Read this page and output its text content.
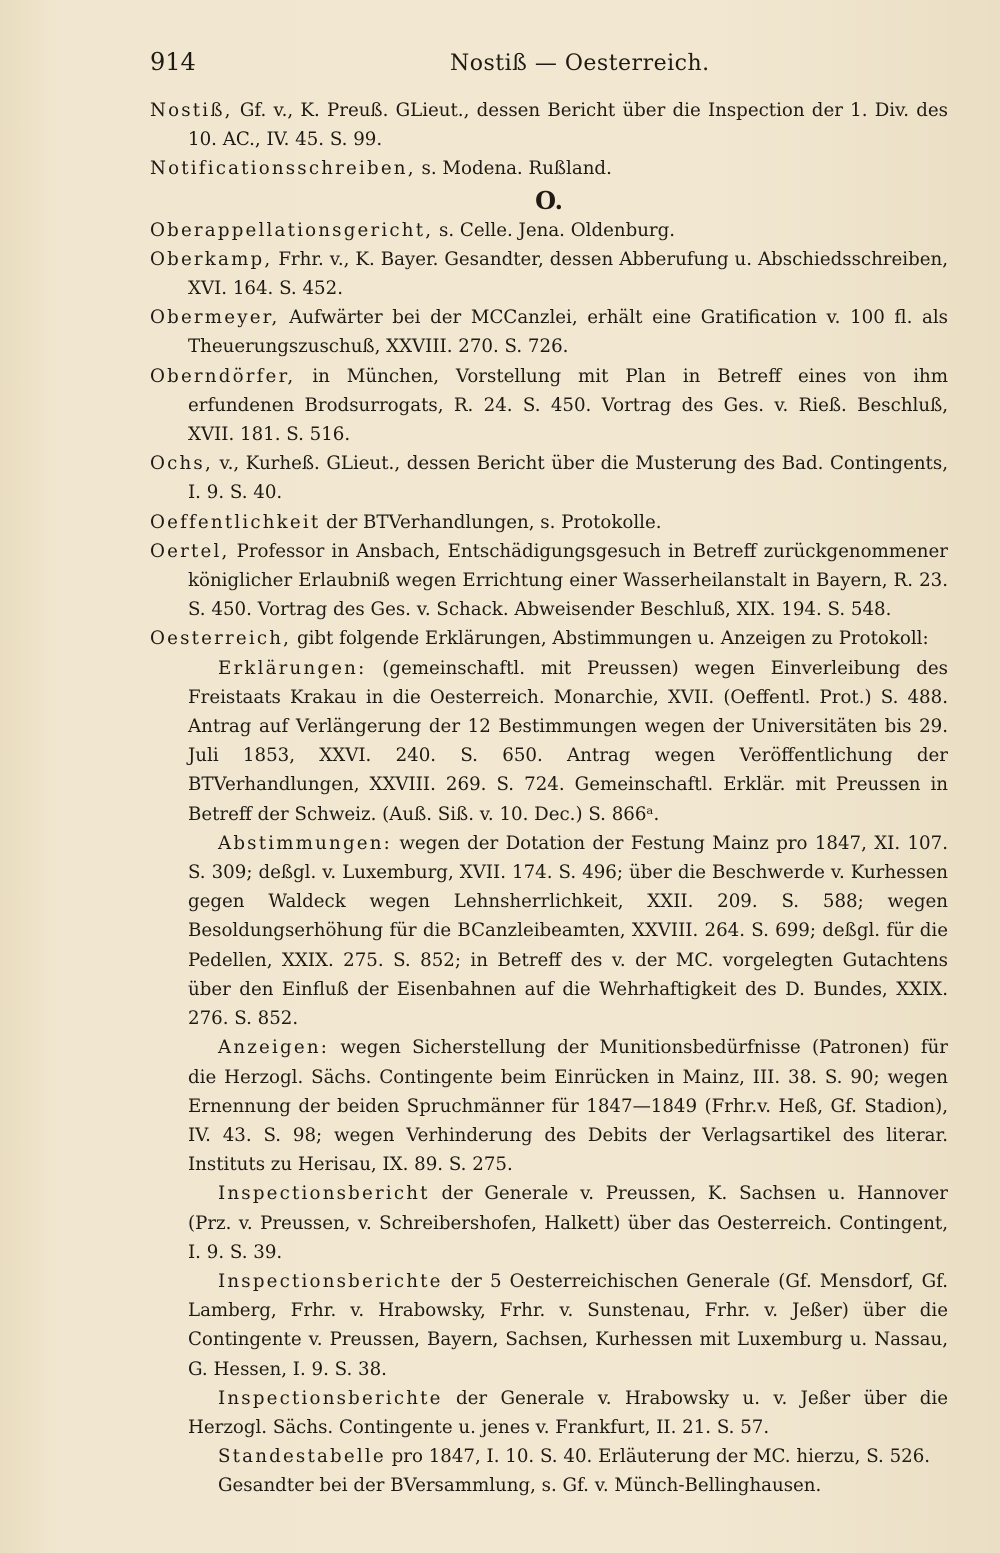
914	Nostiß — Oesterreich.

Nostiß, Gf. v., K. Preuß. GLieut., dessen Bericht über die Inspection der 1. Div. des 10. AC., IV. 45. S. 99.

Notificationsschreiben, s. Modena. Rußland.

O.

Oberappellationsgericht, s. Celle. Jena. Oldenburg.

Oberkamp, Frhr. v., K. Bayer. Gesandter, dessen Abberufung u. Abschiedsschreiben, XVI. 164. S. 452.

Obermeyer, Aufwärter bei der MCCanzlei, erhält eine Gratification v. 100 fl. als Theuerungszuschuß, XXVIII. 270. S. 726.

Oberndörfer, in München, Vorstellung mit Plan in Betreff eines von ihm erfundenen Brodsurrogats, R. 24. S. 450. Vortrag des Ges. v. Rieß. Beschluß, XVII. 181. S. 516.

Ochs, v., Kurheß. GLieut., dessen Bericht über die Musterung des Bad. Contingents, I. 9. S. 40.

Oeffentlichkeit der BTVerhandlungen, s. Protokolle.

Oertel, Professor in Ansbach, Entschädigungsgesuch in Betreff zurückgenommener königlicher Erlaubniß wegen Errichtung einer Wasserheilanstalt in Bayern, R. 23. S. 450. Vortrag des Ges. v. Schack. Abweisender Beschluß, XIX. 194. S. 548.

Oesterreich, gibt folgende Erklärungen, Abstimmungen u. Anzeigen zu Protokoll:

Erklärungen: (gemeinschaftl. mit Preussen) wegen Einverleibung des Freistaats Krakau in die Oesterreich. Monarchie, XVII. (Oeffentl. Prot.) S. 488. Antrag auf Verlängerung der 12 Bestimmungen wegen der Universitäten bis 29. Juli 1853, XXVI. 240. S. 650. Antrag wegen Veröffentlichung der BTVerhandlungen, XXVIII. 269. S. 724. Gemeinschaftl. Erklär. mit Preussen in Betreff der Schweiz. (Auß. Siß. v. 10. Dec.) S. 866ᵃ.

Abstimmungen: wegen der Dotation der Festung Mainz pro 1847, XI. 107. S. 309; deßgl. v. Luxemburg, XVII. 174. S. 496; über die Beschwerde v. Kurhessen gegen Waldeck wegen Lehnsherrlichkeit, XXII. 209. S. 588; wegen Besoldungserhöhung für die BCanzleibeamten, XXVIII. 264. S. 699; deßgl. für die Pedellen, XXIX. 275. S. 852; in Betreff des v. der MC. vorgelegten Gutachtens über den Einfluß der Eisenbahnen auf die Wehrhaftigkeit des D. Bundes, XXIX. 276. S. 852.

Anzeigen: wegen Sicherstellung der Munitionsbedürfnisse (Patronen) für die Herzogl. Sächs. Contingente beim Einrücken in Mainz, III. 38. S. 90; wegen Ernennung der beiden Spruchmänner für 1847—1849 (Frhr.v. Heß, Gf. Stadion), IV. 43. S. 98; wegen Verhinderung des Debits der Verlagsartikel des literar. Instituts zu Herisau, IX. 89. S. 275.

Inspectionsbericht der Generale v. Preussen, K. Sachsen u. Hannover (Prz. v. Preussen, v. Schreibershofen, Halkett) über das Oesterreich. Contingent, I. 9. S. 39.

Inspectionsberichte der 5 Oesterreichischen Generale (Gf. Mensdorf, Gf. Lamberg, Frhr. v. Hrabowsky, Frhr. v. Sunstenau, Frhr. v. Jeßer) über die Contingente v. Preussen, Bayern, Sachsen, Kurhessen mit Luxemburg u. Nassau, G. Hessen, I. 9. S. 38.

Inspectionsberichte der Generale v. Hrabowsky u. v. Jeßer über die Herzogl. Sächs. Contingente u. jenes v. Frankfurt, II. 21. S. 57.

Standestabelle pro 1847, I. 10. S. 40. Erläuterung der MC. hierzu, S. 526.

Gesandter bei der BVersammlung, s. Gf. v. Münch-Bellinghausen.
